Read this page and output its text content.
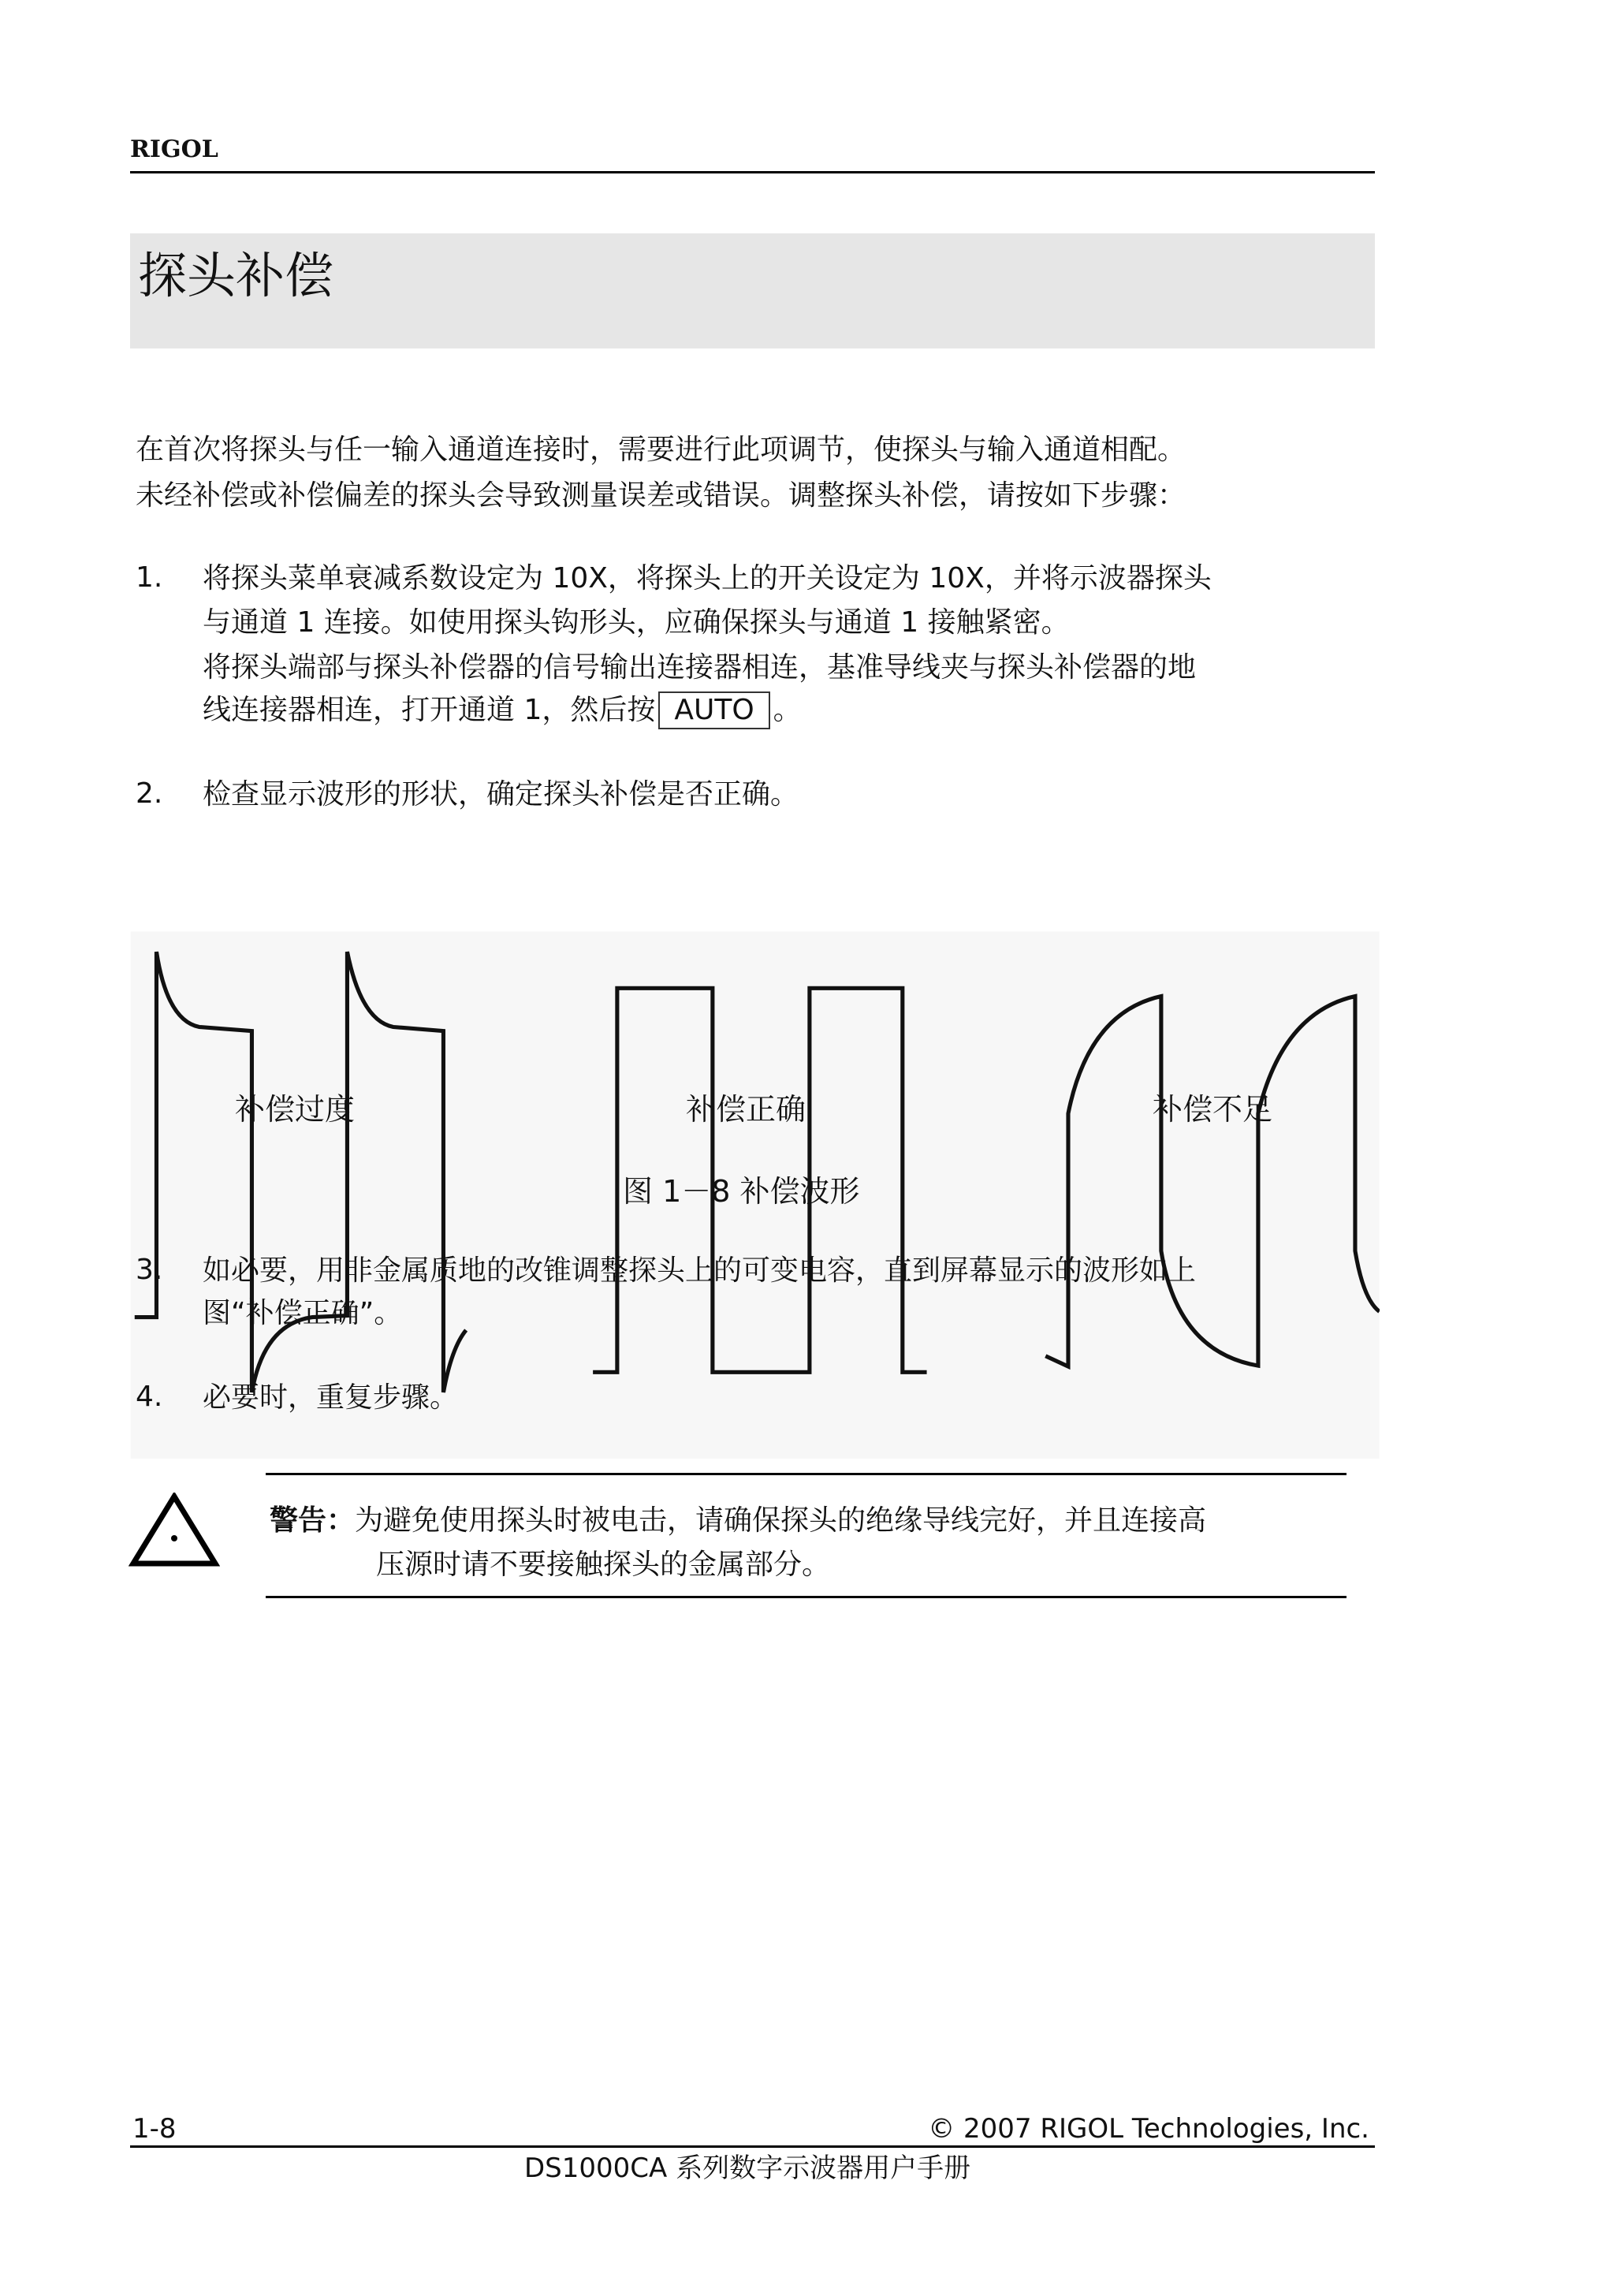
RIGOL
探头补偿
在首次将探头与任一输入通道连接时，需要进行此项调节，使探头与输入通道相配。
未经补偿或补偿偏差的探头会导致测量误差或错误。调整探头补偿，请按如下步骤：
1. 将探头菜单衰减系数设定为 10X，将探头上的开关设定为 10X，并将示波器探头
与通道 1 连接。如使用探头钩形头，应确保探头与通道 1 接触紧密。
将探头端部与探头补偿器的信号输出连接器相连，基准导线夹与探头补偿器的地
线连接器相连，打开通道 1，然后按 AUTO 。
2. 检查显示波形的形状，确定探头补偿是否正确。
补偿过度	补偿正确	补偿不足
图 1－8 补偿波形
3. 如必要，用非金属质地的改锥调整探头上的可变电容，直到屏幕显示的波形如上
图“补偿正确”。
4. 必要时，重复步骤。
警告：为避免使用探头时被电击，请确保探头的绝缘导线完好，并且连接高
压源时请不要接触探头的金属部分。
1-8	© 2007 RIGOL Technologies, Inc.
DS1000CA 系列数字示波器用户手册
